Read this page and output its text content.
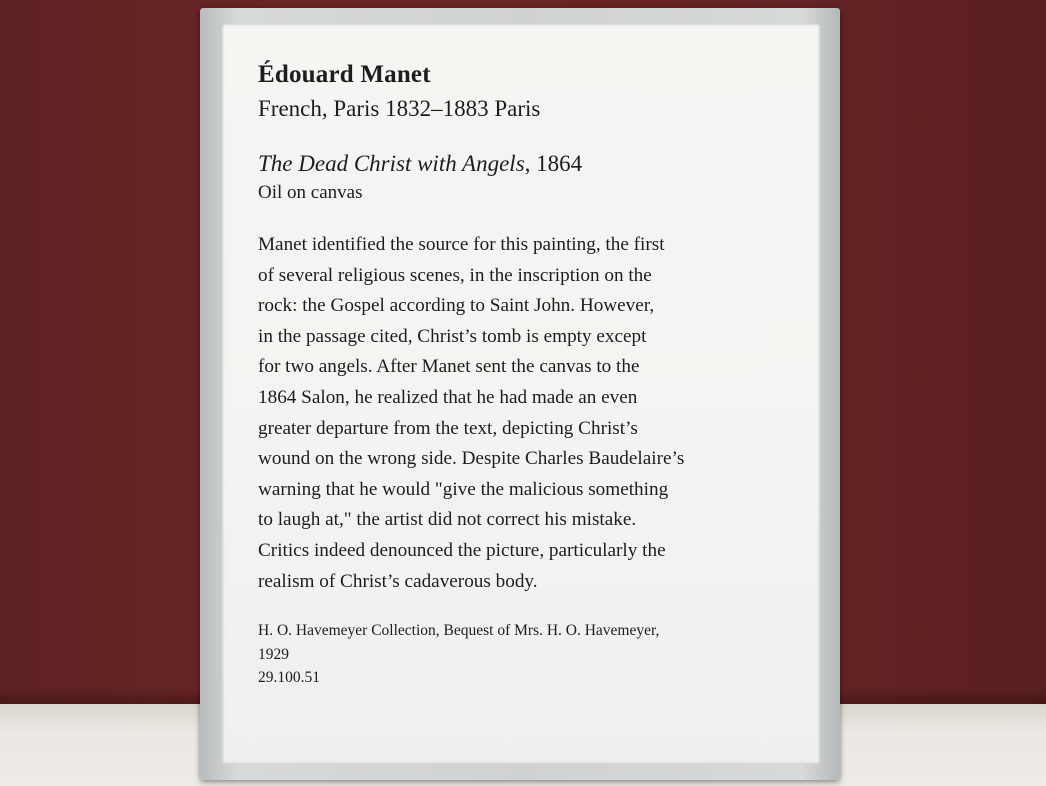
Édouard Manet

French, Paris 1832–1883 Paris

The Dead Christ with Angels, 1864

Oil on canvas

Manet identified the source for this painting, the first
of several religious scenes, in the inscription on the
rock: the Gospel according to Saint John. However,
in the passage cited, Christ’s tomb is empty except
for two angels. After Manet sent the canvas to the
1864 Salon, he realized that he had made an even
greater departure from the text, depicting Christ’s
wound on the wrong side. Despite Charles Baudelaire’s
warning that he would "give the malicious something
to laugh at," the artist did not correct his mistake.
Critics indeed denounced the picture, particularly the
realism of Christ’s cadaverous body.

H. O. Havemeyer Collection, Bequest of Mrs. H. O. Havemeyer,
1929
29.100.51
